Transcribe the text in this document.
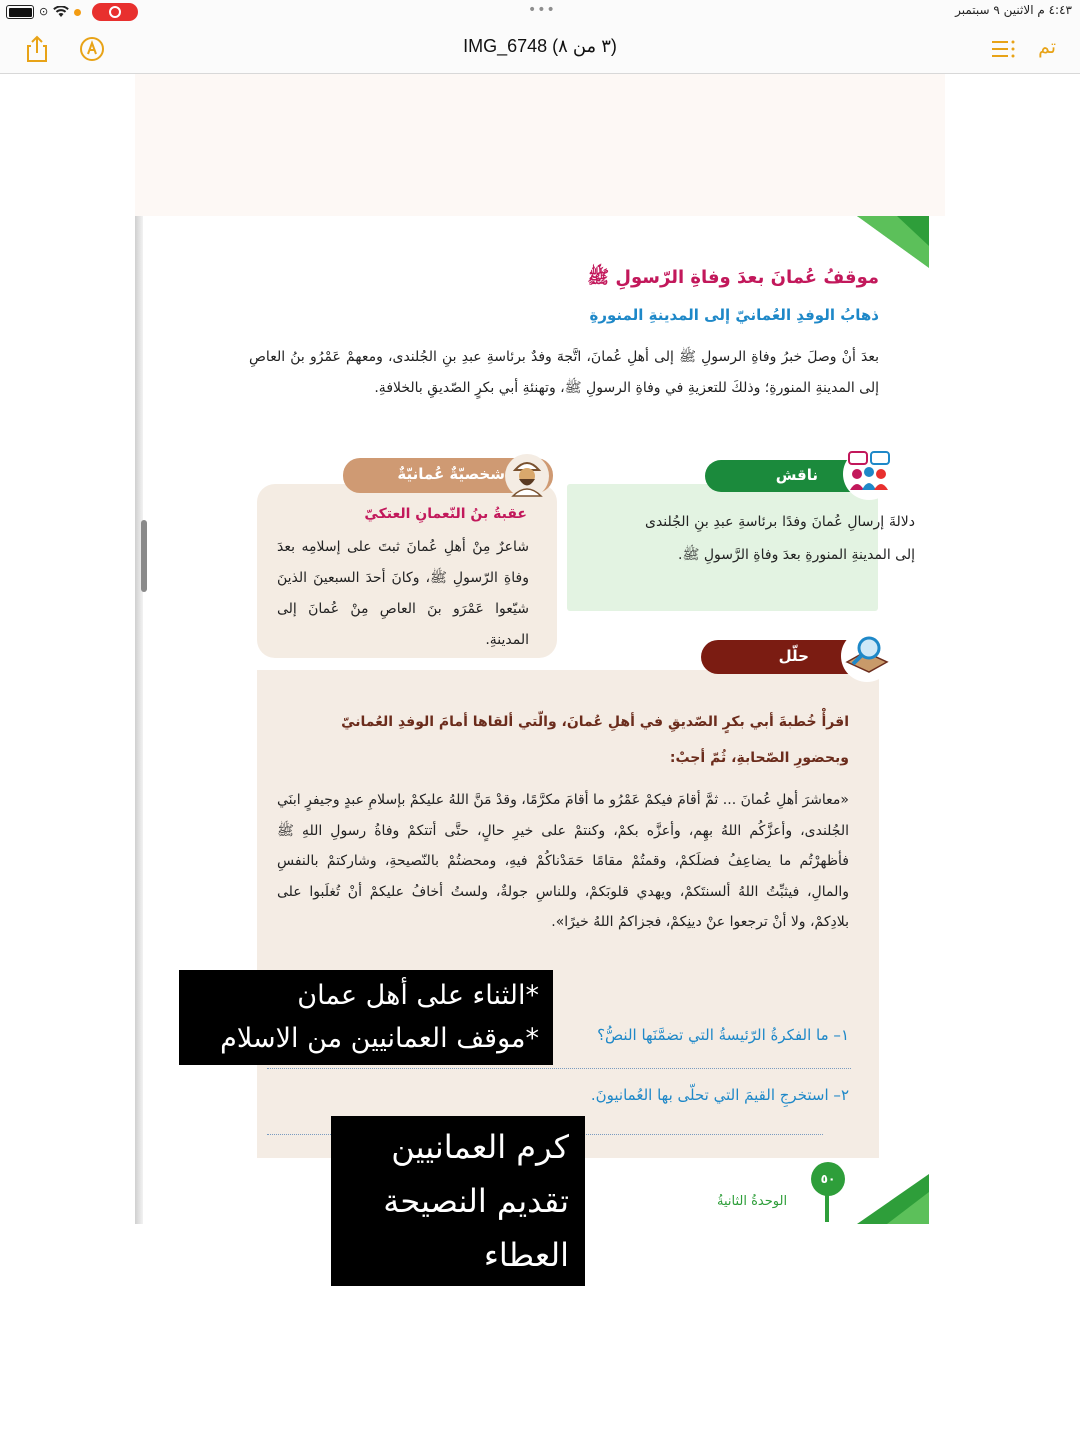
⊙	•••	٤:٤٣ م الاثنين ٩ سبتمبر
IMG_6748 (٣ من ٨)	تم
موقفُ عُمانَ بعدَ وفاةِ الرّسولِ ﷺ
ذهابُ الوفدِ العُمانيّ إلى المدينةِ المنورةِ
بعدَ أنْ وصلَ خبرُ وفاةِ الرسولِ ﷺ إلى أهلِ عُمانَ، اتَّجهَ وفدٌ برئاسةِ عبدِ بنِ الجُلندى، ومعهمْ عَمْرُو بنُ العاصِ إلى المدينةِ المنورةِ؛ وذلكَ للتعزيةِ في وفاةِ الرسولِ ﷺ، وتهنئةِ أبي بكرٍ الصّديقِ بالخلافةِ.
ناقش
دلالةَ إرسالِ عُمانَ وفدًا برئاسةِ عبدِ بنِ الجُلندى إلى المدينةِ المنورةِ بعدَ وفاةِ الرَّسولِ ﷺ.
شخصيّةٌ عُمانيّةٌ
عقبةُ بنُ النّعمانِ العتكيّ
شاعرٌ مِنْ أهلِ عُمانَ ثبتَ على إسلامِه بعدَ وفاةِ الرّسولِ ﷺ، وكانَ أحدَ السبعينَ الذينَ شيّعوا عَمْرَو بنَ العاصِ مِنْ عُمانَ إلى المدينةِ.
حلّل
اقرأْ خُطبةَ أبي بكرٍ الصّديقِ في أهلِ عُمانَ، والّتي ألقاها أمامَ الوفدِ العُمانيّ وبحضورِ الصّحابةِ، ثُمّ أجبْ:
«معاشرَ أهلِ عُمانَ ... ثمَّ أقامَ فيكمْ عَمْرُو ما أقامَ مكرَّمًا، وقدْ مَنَّ اللهُ عليكمْ بإسلامِ عبدٍ وجيفرٍ ابنَي الجُلندى، وأعزَّكُم اللهُ بهِم، وأعزَّه بكمْ، وكنتمْ على خيرِ حالٍ، حتَّى أتتكمْ وفاةُ رسولِ اللهِ ﷺ فأظهرْتُم ما يضاعِفُ فضلَكمْ، وقمتُمْ مقامًا حَمَدْناكُمْ فيهِ، ومحضتُمْ بالنّصيحةِ، وشاركتمْ بالنفسِ والمالِ، فيثبِّتُ اللهُ ألسنتَكمْ، ويهدي قلوبَكمْ، وللناسِ جولةٌ، ولستُ أخافُ عليكمْ أنْ تُغلَبوا على بلادِكمْ، ولا أنْ ترجعوا عنْ دينِكمْ، فجزاكمُ اللهُ خيرًا».
١– ما الفكرةُ الرّئيسةُ التي تضمَّنَها النصُّ؟
٢– استخرجِ القيمَ التي تحلّى بها العُمانيونَ.
٥٠
الوحدةُ الثانيةُ
*الثناء على أهل عمان
*موقف العمانيين من الاسلام
كرم العمانيين
تقديم النصيحة
العطاء
